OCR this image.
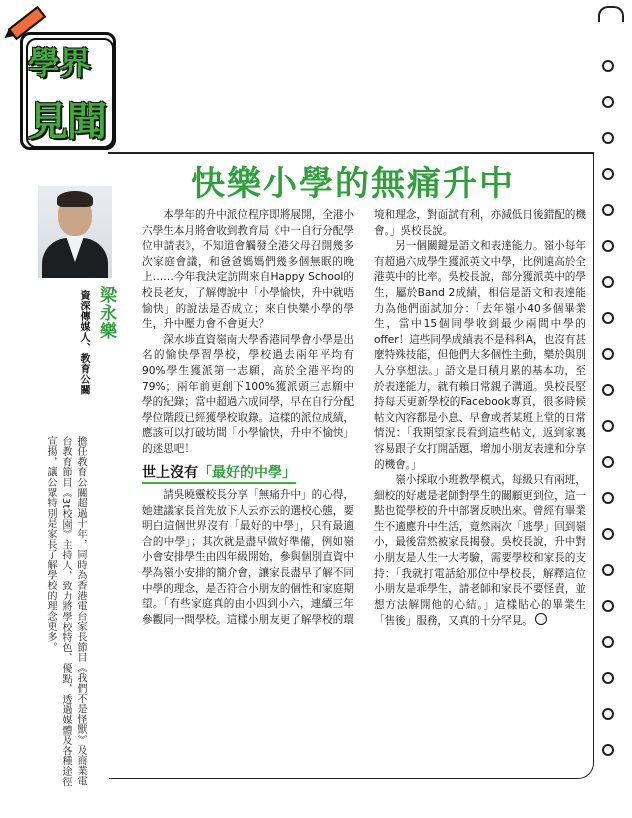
學界
見聞
梁永樂
資深傳媒人、教育公關
擔任教育公關超過十年，同時為香港電台家長節目《我們不是怪獸》及商業電台教育節目《3t校園》主持人，致力將學校特色、優點，透過媒體及各種途徑宣揚，讓公眾特別是家長了解學校的理念更多。
快樂小學的無痛升中

本學年的升中派位程序即將展開，全港小六學生本月將會收到教育局《中一自行分配學位申請表》，不知道會觸發全港父母召開幾多次家庭會議，和爸爸媽媽們幾多個無眠的晚上……今年我決定訪問來自Happy School的校長老友，了解傳說中「小學愉快，升中就唔愉快」的說法是否成立；來自快樂小學的學生，升中壓力會不會更大？

深水埗直資嶺南大學香港同學會小學是出名的愉快學習學校，學校過去兩年平均有90%學生獲派第一志願，高於全港平均的79%；兩年前更創下100%獲派頭三志願中學的紀錄；當中超過六成同學，早在自行分配學位階段已經獲學校取錄。這樣的派位成績，應該可以打破坊間「小學愉快，升中不愉快」的迷思吧！

世上沒有「最好的中學」

請吳曉靈校長分享「無痛升中」的心得，她建議家長首先放下人云亦云的選校心態，要明白這個世界沒有「最好的中學」，只有最適合的中學」；其次就是盡早做好準備，例如嶺小會安排學生由四年級開始，參與個別直資中學為嶺小安排的簡介會，讓家長盡早了解不同中學的理念，是否符合小朋友的個性和家庭期望。「有些家庭真的由小四到小六，連續三年參觀同一間學校。這樣小朋友更了解學校的環

境和理念，對面試有利，亦減低日後錯配的機會。」吳校長說。

另一個關鍵是語文和表達能力。嶺小每年有超過六成學生獲派英文中學，比例遠高於全港英中的比率。吳校長說，部分獲派英中的學生，屬於Band 2成績，相信是語文和表達能力為他們面試加分：「去年嶺小40多個畢業生，當中15個同學收到最少兩間中學的offer！這些同學成績表不是科科A，也沒有甚麼特殊技能，但他們大多個性主動，樂於與別人分享想法。」語文是日積月累的基本功，至於表達能力，就有賴日常親子溝通。吳校長堅持每天更新學校的Facebook專頁，很多時候帖文內容都是小息、早會或者某班上堂的日常情況：「我期望家長看到這些帖文，返到家裏容易跟子女打開話題，增加小朋友表達和分享的機會。」

嶺小採取小班教學模式，每級只有兩班，細校的好處是老師對學生的關顧更到位，這一點也從學校的升中部署反映出來。曾經有畢業生不適應升中生活，竟然兩次「逃學」回到嶺小，最後當然被家長揭發。吳校長說，升中對小朋友是人生一大考驗，需要學校和家長的支持：「我就打電話給那位中學校長，解釋這位小朋友是乖學生，請老師和家長不要怪責，並想方法解開他的心結。」這樣貼心的畢業生「售後」服務，又真的十分罕見。
